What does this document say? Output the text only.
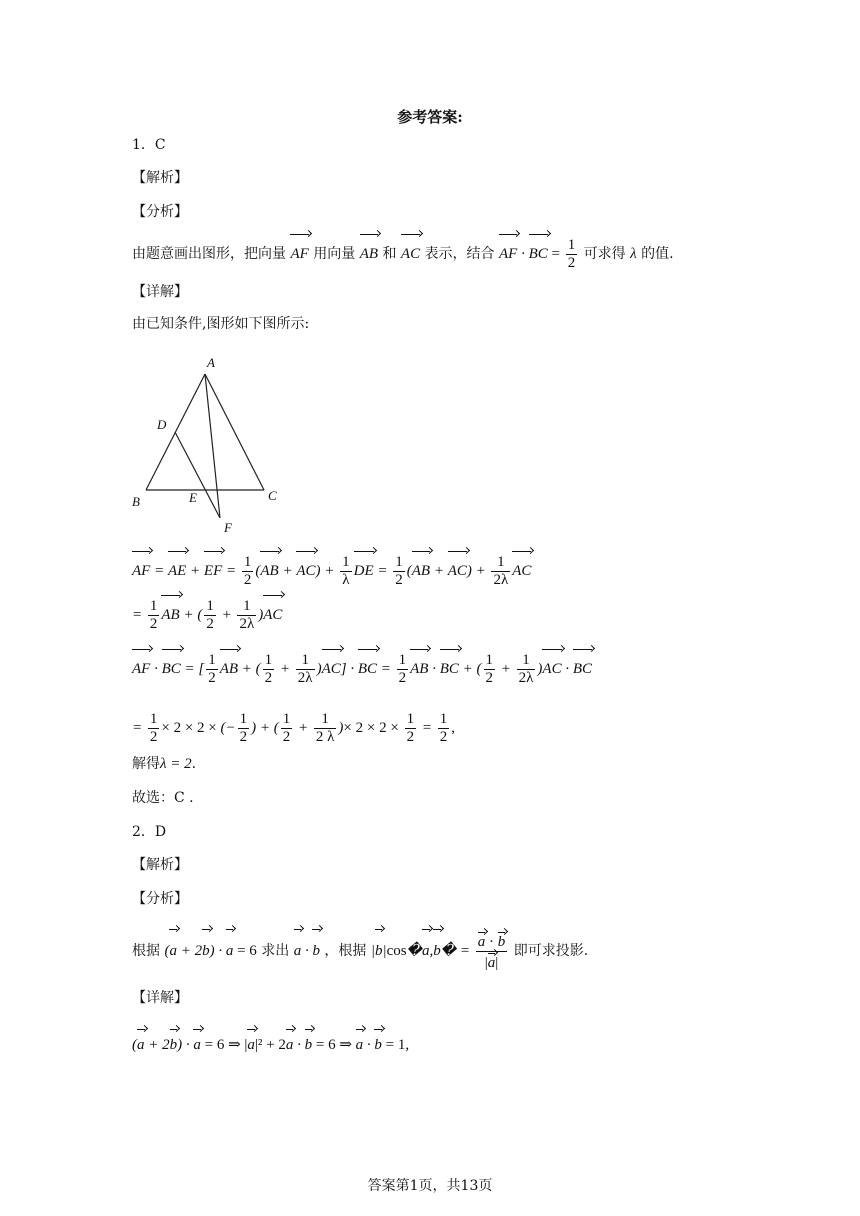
参考答案:
1．C
【解析】
【分析】
由题意画出图形，把向量 AF 用向量 AB 和 AC 表示，结合 AF · BC = $\frac{1}{2}$ 可求得 λ 的值.
【详解】
由已知条件,图形如下图所示:
A
D
B	E	C
F
AF = AE + EF = $\frac{1}{2} (AB + AC) + \frac{1}{\lambda}$ DE = $\frac{1}{2} (AB + AC) + \frac{1}{2\lambda}$ AC
= $\frac{1}{2}$ AB + ( $\frac{1}{2} + \frac{1}{2\lambda} )AC$
AF · BC = [ $\frac{1}{2}$ AB + ( $\frac{1}{2} + \frac{1}{2\lambda} )AC$] · BC = $\frac{1}{2}$ AB · BC + ( $\frac{1}{2} + \frac{1}{2\lambda} )AC$ · BC
= $\frac{1}{2} \times 2 \times 2$ × (− $\frac{1}{2}$ ) + ( $\frac{1}{2} + \frac{1}{2 \lambda}$ )× $2 \times 2 \times \frac{1}{2} = \frac{1}{2}$ ,
解得λ = 2.
故选：C .
2．D
【解析】
【分析】
根据 (a + 2b) · a = 6 求出 a · b ，根据 |b|cos�a,b� = $\frac{a \cdot b}{|a|}$ 即可求投影.
【详解】
(a + 2b) · a = 6 ⇒ |a|² + 2a · b = 6 ⇒ a · b = 1,
答案第1页，共13页
